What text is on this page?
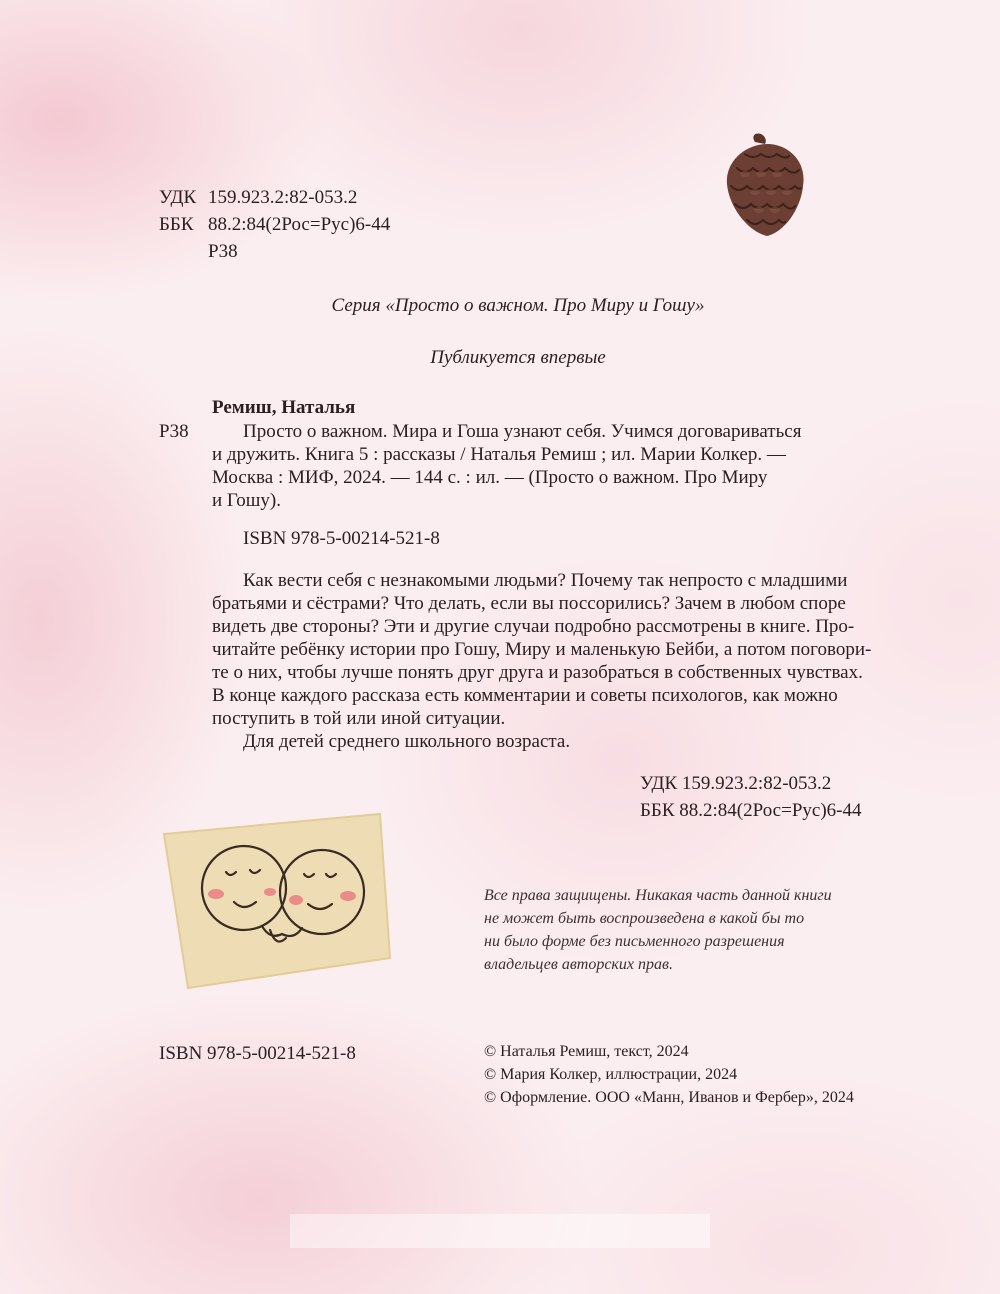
УДК 159.923.2:82-053.2
ББК 88.2:84(2Рос=Рус)6-44
Р38
Серия «Просто о важном. Про Миру и Гошу»
Публикуется впервые
Ремиш, Наталья
Р38	Просто о важном. Мира и Гоша узнают себя. Учимся договариваться
и дружить. Книга 5 : рассказы / Наталья Ремиш ; ил. Марии Колкер. —
Москва : МИФ, 2024. — 144 с. : ил. — (Просто о важном. Про Миру
и Гошу).
ISBN 978-5-00214-521-8
Как вести себя с незнакомыми людьми? Почему так непросто с младшими
братьями и сёстрами? Что делать, если вы поссорились? Зачем в любом споре
видеть две стороны? Эти и другие случаи подробно рассмотрены в книге. Про-
читайте ребёнку истории про Гошу, Миру и маленькую Бейби, а потом поговори-
те о них, чтобы лучше понять друг друга и разобраться в собственных чувствах.
В конце каждого рассказа есть комментарии и советы психологов, как можно
поступить в той или иной ситуации.
Для детей среднего школьного возраста.
УДК 159.923.2:82-053.2
ББК 88.2:84(2Рос=Рус)6-44
Все права защищены. Никакая часть данной книги
не может быть воспроизведена в какой бы то
ни было форме без письменного разрешения
владельцев авторских прав.
ISBN 978-5-00214-521-8	© Наталья Ремиш, текст, 2024
© Мария Колкер, иллюстрации, 2024
© Оформление. ООО «Манн, Иванов и Фербер», 2024
